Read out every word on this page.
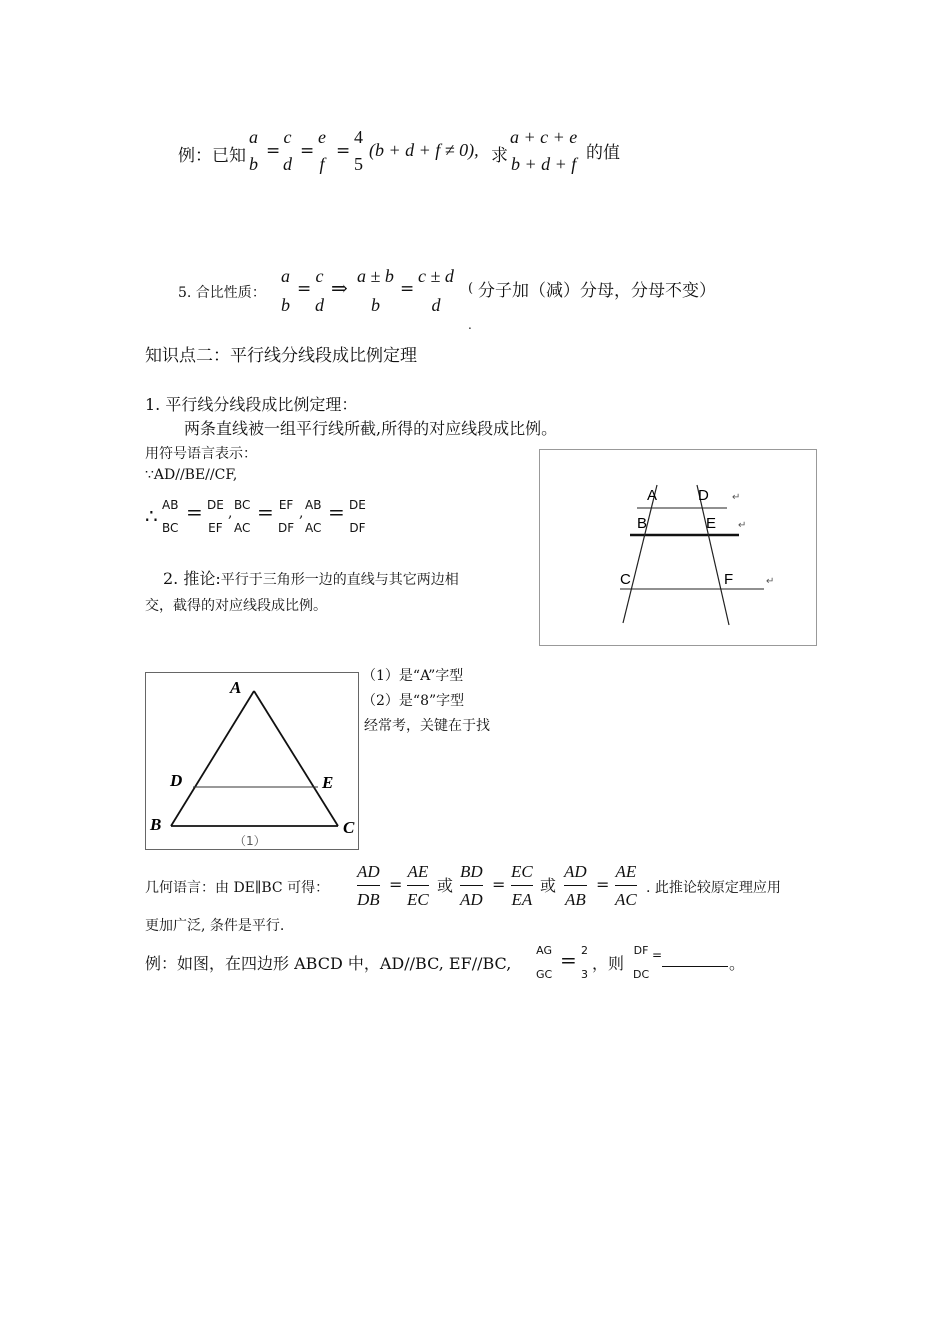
例：已知
a
b
=
c
d
=
e
f
=
4
5
(b + d + f ≠ 0), 求
a + c + e
b + d + f
的值
5. 合比性质：
a
b
=
c
d
⇒ a ± b
b
=
c ± d
d
( 分子加（减）分母，分母不变）
.
知识点二：平行线分线段成比例定理
1. 平行线分线段成比例定理：
两条直线被一组平行线所截,所得的对应线段成比例。
用符号语言表示：
∵AD//BE//CF,
∴ AB
BC
= DE
EF
, BC
AC
= EF
DF
, AB
AC
= DE
DF
2. 推论:平行于三角形一边的直线与其它两边相
交，截得的对应线段成比例。
A	D ↵
B	E ↵
C	F	↵
A
D	E
B	C
（1）
（1）是“A”字型
（2）是“8”字型
经常考，关键在于找
几何语言：由 DE∥BC 可得：
AD
DB
=
AE
EC
或
BD
AD
=
EC
EA
或
AD
AB
=
AE
AC
. 此推论较原定理应用
更加广泛, 条件是平行.
例：如图，在四边形 ABCD 中，AD//BC, EF//BC,
AG
GC
= 2
3
，则
DF
DC
=	。
